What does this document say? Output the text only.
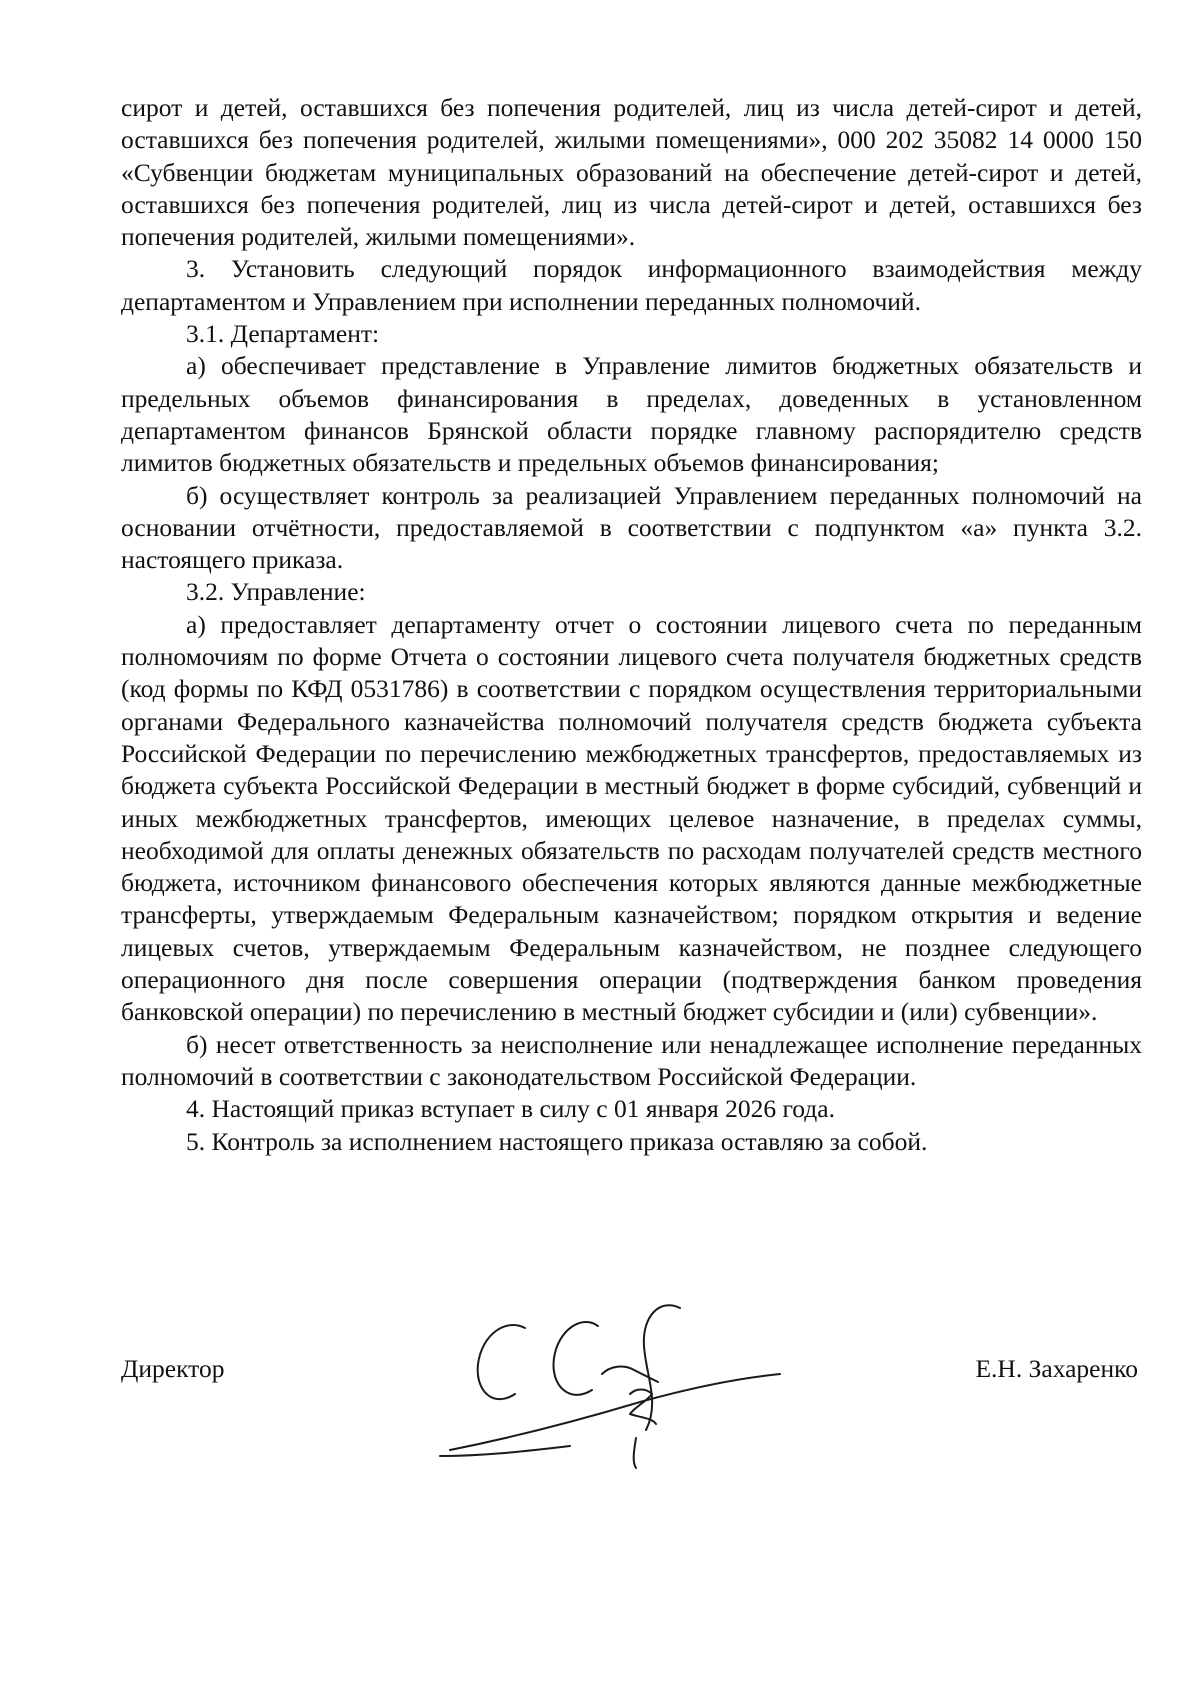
сирот и детей, оставшихся без попечения родителей, лиц из числа детей-сирот и детей, оставшихся без попечения родителей, жилыми помещениями», 000 202 35082 14 0000 150 «Субвенции бюджетам муниципальных образований на обеспечение детей-сирот и детей, оставшихся без попечения родителей, лиц из числа детей-сирот и детей, оставшихся без попечения родителей, жилыми помещениями».

3. Установить следующий порядок информационного взаимодействия между департаментом и Управлением при исполнении переданных полномочий.

3.1. Департамент:

а) обеспечивает представление в Управление лимитов бюджетных обязательств и предельных объемов финансирования в пределах, доведенных в установленном департаментом финансов Брянской области порядке главному распорядителю средств лимитов бюджетных обязательств и предельных объемов финансирования;

б) осуществляет контроль за реализацией Управлением переданных полномочий на основании отчётности, предоставляемой в соответствии с подпунктом «а» пункта 3.2. настоящего приказа.

3.2. Управление:

а) предоставляет департаменту отчет о состоянии лицевого счета по переданным полномочиям по форме Отчета о состоянии лицевого счета получателя бюджетных средств (код формы по КФД 0531786) в соответствии с порядком осуществления территориальными органами Федерального казначейства полномочий получателя средств бюджета субъекта Российской Федерации по перечислению межбюджетных трансфертов, предоставляемых из бюджета субъекта Российской Федерации в местный бюджет в форме субсидий, субвенций и иных межбюджетных трансфертов, имеющих целевое назначение, в пределах суммы, необходимой для оплаты денежных обязательств по расходам получателей средств местного бюджета, источником финансового обеспечения которых являются данные межбюджетные трансферты, утверждаемым Федеральным казначейством; порядком открытия и ведение лицевых счетов, утверждаемым Федеральным казначейством, не позднее следующего операционного дня после совершения операции (подтверждения банком проведения банковской операции) по перечислению в местный бюджет субсидии и (или) субвенции».

б) несет ответственность за неисполнение или ненадлежащее исполнение переданных полномочий в соответствии с законодательством Российской Федерации.

4. Настоящий приказ вступает в силу с 01 января 2026 года.

5. Контроль за исполнением настоящего приказа оставляю за собой.

Директор	Е.Н. Захаренко
